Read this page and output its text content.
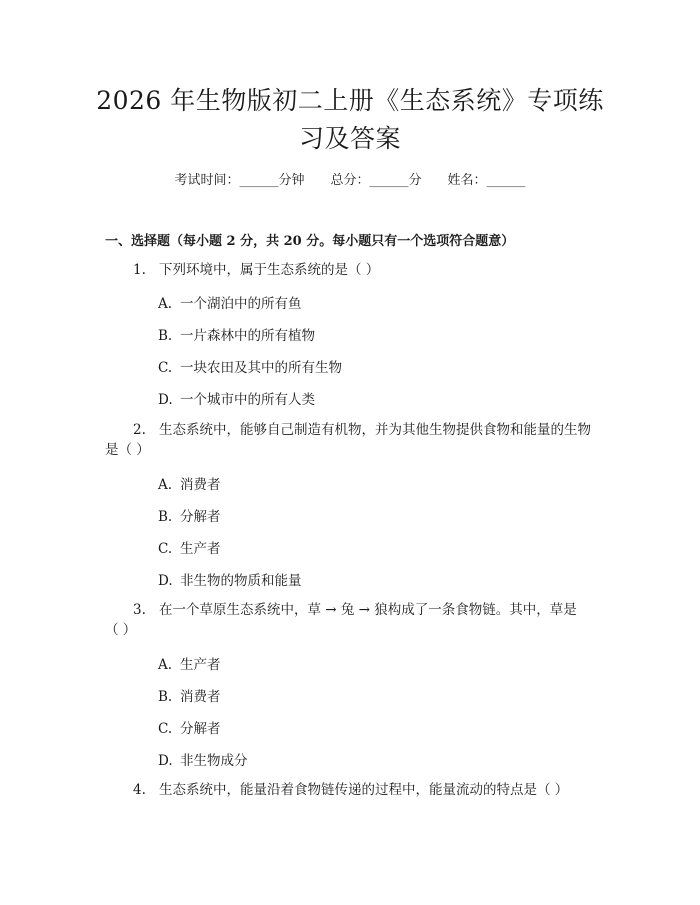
2026 年生物版初二上册《生态系统》专项练
习及答案
考试时间：______分钟　　总分：______分　　姓名：______
一、选择题（每小题 2 分，共 20 分。每小题只有一个选项符合题意）
1. 下列环境中，属于生态系统的是（ ）
A. 一个湖泊中的所有鱼
B. 一片森林中的所有植物
C. 一块农田及其中的所有生物
D. 一个城市中的所有人类
2. 生态系统中，能够自己制造有机物，并为其他生物提供食物和能量的生物
是（ ）
A. 消费者
B. 分解者
C. 生产者
D. 非生物的物质和能量
3. 在一个草原生态系统中，草 → 兔 → 狼构成了一条食物链。其中，草是
（ ）
A. 生产者
B. 消费者
C. 分解者
D. 非生物成分
4. 生态系统中，能量沿着食物链传递的过程中，能量流动的特点是（ ）
